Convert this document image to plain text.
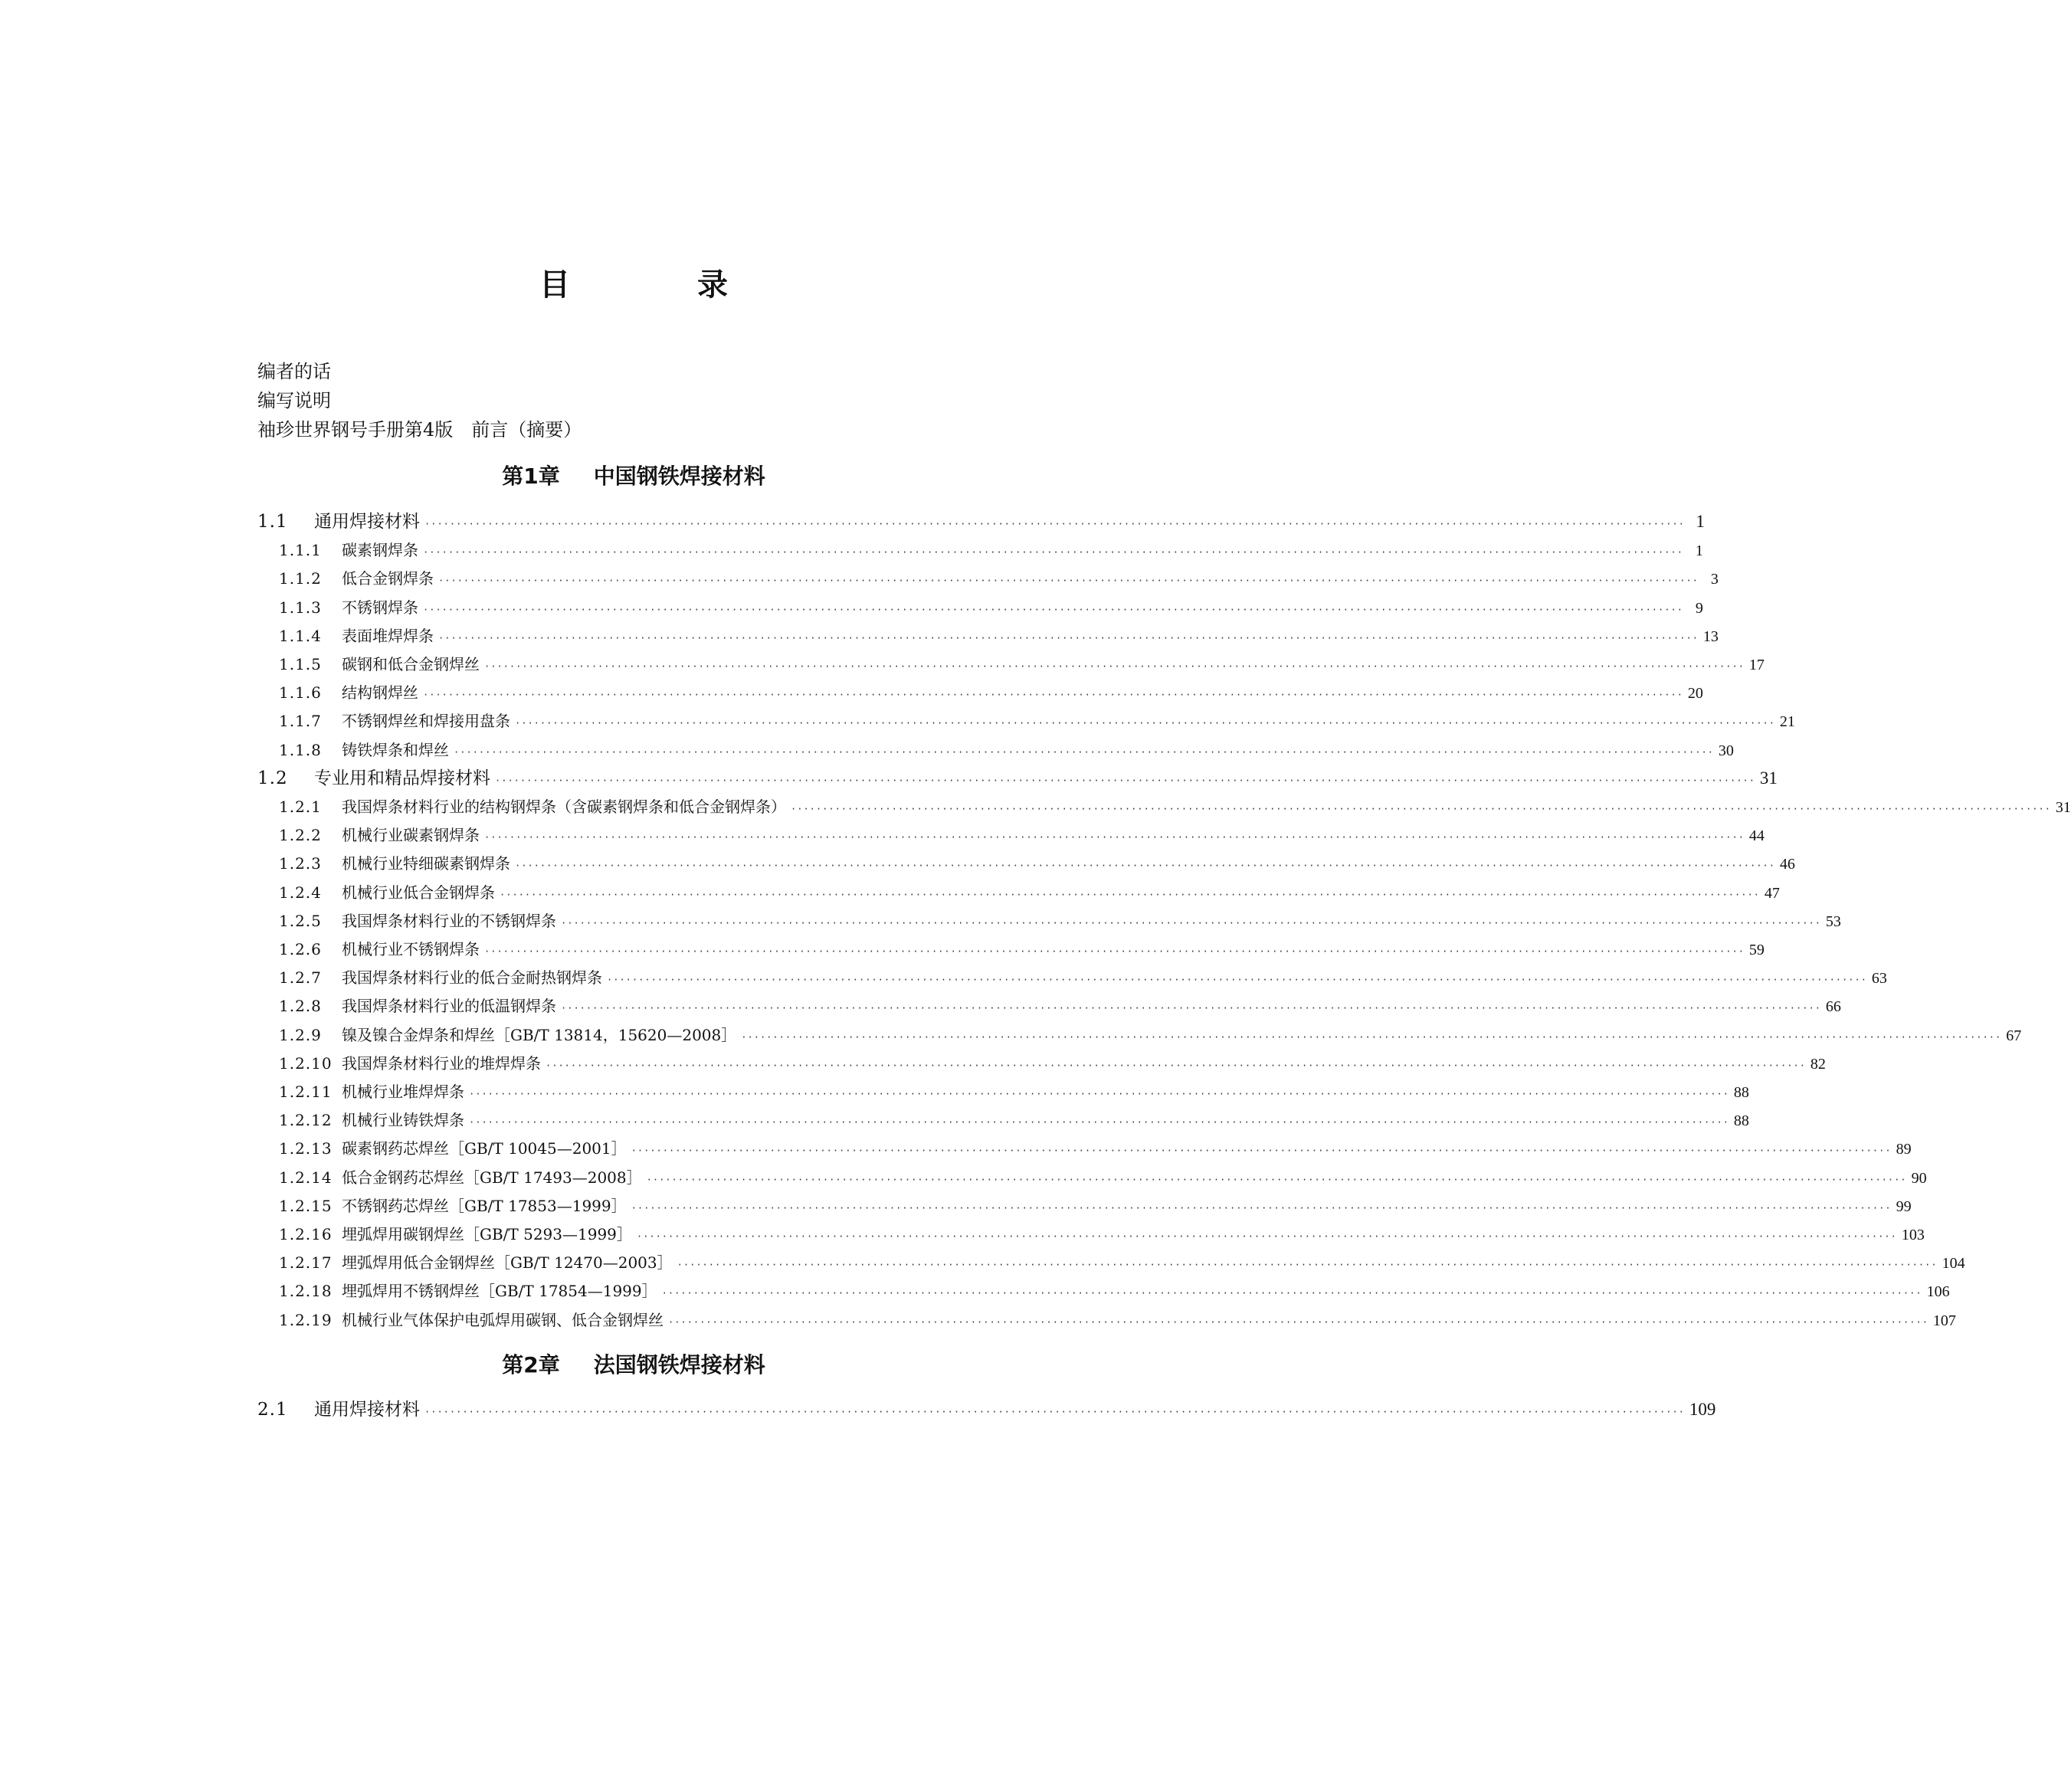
目 录
编者的话
编写说明
袖珍世界钢号手册第4版　前言（摘要）
第1章 中国钢铁焊接材料
1.1	通用焊接材料 ········································································································································································································ 1
1.1.1	碳素钢焊条 ········································································································································································································ 1
1.1.2	低合金钢焊条 ········································································································································································································ 3
1.1.3	不锈钢焊条 ········································································································································································································ 9
1.1.4	表面堆焊焊条 ········································································································································································································ 13
1.1.5	碳钢和低合金钢焊丝 ········································································································································································································ 17
1.1.6	结构钢焊丝 ········································································································································································································ 20
1.1.7	不锈钢焊丝和焊接用盘条 ········································································································································································································ 21
1.1.8	铸铁焊条和焊丝 ········································································································································································································ 30
1.2	专业用和精品焊接材料 ········································································································································································································ 31
1.2.1	我国焊条材料行业的结构钢焊条（含碳素钢焊条和低合金钢焊条） ········································································································································································································ 31
1.2.2	机械行业碳素钢焊条 ········································································································································································································ 44
1.2.3	机械行业特细碳素钢焊条 ········································································································································································································ 46
1.2.4	机械行业低合金钢焊条 ········································································································································································································ 47
1.2.5	我国焊条材料行业的不锈钢焊条 ········································································································································································································ 53
1.2.6	机械行业不锈钢焊条 ········································································································································································································ 59
1.2.7	我国焊条材料行业的低合金耐热钢焊条 ········································································································································································································ 63
1.2.8	我国焊条材料行业的低温钢焊条 ········································································································································································································ 66
1.2.9	镍及镍合金焊条和焊丝［GB/T 13814，15620—2008］ ········································································································································································································ 67
1.2.10 我国焊条材料行业的堆焊焊条 ········································································································································································································ 82
1.2.11 机械行业堆焊焊条 ········································································································································································································ 88
1.2.12 机械行业铸铁焊条 ········································································································································································································ 88
1.2.13 碳素钢药芯焊丝［GB/T 10045—2001］ ········································································································································································································ 89
1.2.14 低合金钢药芯焊丝［GB/T 17493—2008］ ········································································································································································································ 90
1.2.15 不锈钢药芯焊丝［GB/T 17853—1999］ ········································································································································································································ 99
1.2.16 埋弧焊用碳钢焊丝［GB/T 5293—1999］ ········································································································································································································ 103
1.2.17 埋弧焊用低合金钢焊丝［GB/T 12470—2003］ ········································································································································································································ 104
1.2.18 埋弧焊用不锈钢焊丝［GB/T 17854—1999］ ········································································································································································································ 106
1.2.19 机械行业气体保护电弧焊用碳钢、低合金钢焊丝 ········································································································································································································ 107
第2章 法国钢铁焊接材料
2.1	通用焊接材料 ········································································································································································································ 109
